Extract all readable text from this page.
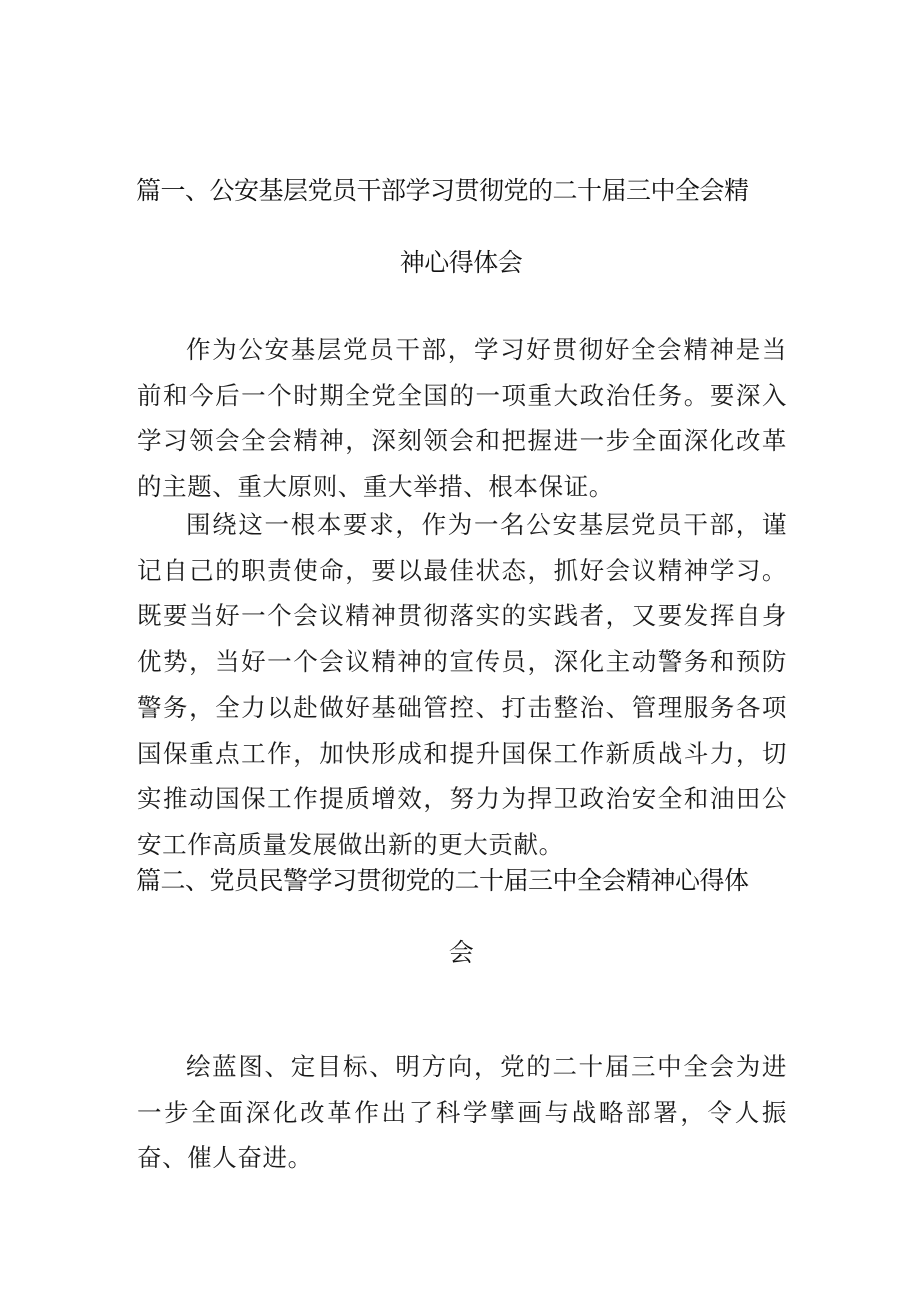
篇一、公安基层党员干部学习贯彻党的二十届三中全会精
神心得体会

作为公安基层党员干部，学习好贯彻好全会精神是当前和今后一个时期全党全国的一项重大政治任务。要深入学习领会全会精神，深刻领会和把握进一步全面深化改革的主题、重大原则、重大举措、根本保证。

围绕这一根本要求，作为一名公安基层党员干部，谨记自己的职责使命，要以最佳状态，抓好会议精神学习。既要当好一个会议精神贯彻落实的实践者，又要发挥自身优势，当好一个会议精神的宣传员，深化主动警务和预防警务，全力以赴做好基础管控、打击整治、管理服务各项国保重点工作，加快形成和提升国保工作新质战斗力，切实推动国保工作提质增效，努力为捍卫政治安全和油田公安工作高质量发展做出新的更大贡献。

篇二、党员民警学习贯彻党的二十届三中全会精神心得体
会

绘蓝图、定目标、明方向，党的二十届三中全会为进一步全面深化改革作出了科学擘画与战略部署，令人振奋、催人奋进。
